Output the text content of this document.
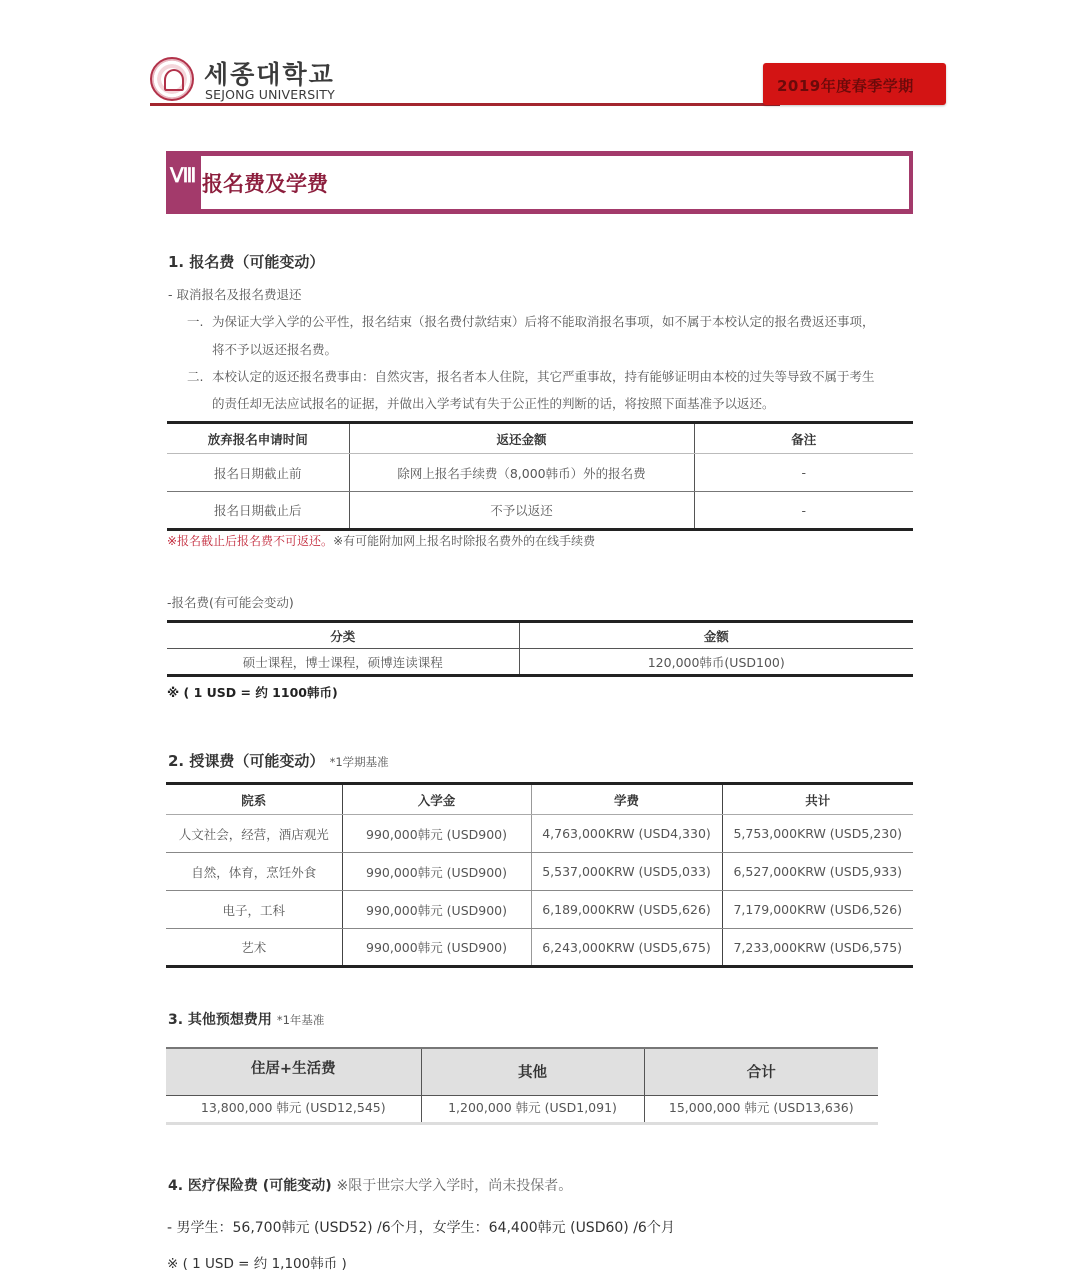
세종대학교
SEJONG UNIVERSITY	2019年度春季学期
Ⅷ 报名费及学费
1. 报名费（可能变动）
- 取消报名及报名费退还
一. 为保证大学入学的公平性，报名结束（报名费付款结束）后将不能取消报名事项，如不属于本校认定的报名费返还事项，
将不予以返还报名费。
二. 本校认定的返还报名费事由：自然灾害，报名者本人住院，其它严重事故，持有能够证明由本校的过失等导致不属于考生
的责任却无法应试报名的证据，并做出入学考试有失于公正性的判断的话，将按照下面基准予以返还。
放弃报名申请时间	返还金额	备注
报名日期截止前	除网上报名手续费（8,000韩币）外的报名费	-
报名日期截止后	不予以返还	-
※报名截止后报名费不可返还。※有可能附加网上报名时除报名费外的在线手续费
-报名费(有可能会变动)
分类	金额
硕士课程，博士课程，硕博连读课程	120,000韩币(USD100)
※ ( 1 USD = 约 1100韩币)
2. 授课费（可能变动） *1学期基准
院系	入学金	学费	共计
人文社会，经营，酒店观光	990,000韩元 (USD900)	4,763,000KRW (USD4,330)	5,753,000KRW (USD5,230)
自然，体育，烹饪外食	990,000韩元 (USD900)	5,537,000KRW (USD5,033)	6,527,000KRW (USD5,933)
电子，工科	990,000韩元 (USD900)	6,189,000KRW (USD5,626)	7,179,000KRW (USD6,526)
艺术	990,000韩元 (USD900)	6,243,000KRW (USD5,675)	7,233,000KRW (USD6,575)
3. 其他预想费用 *1年基准
住居+生活费	其他	合计
13,800,000 韩元 (USD12,545)	1,200,000 韩元 (USD1,091)	15,000,000 韩元 (USD13,636)
4. 医疗保险费 (可能变动) ※限于世宗大学入学时，尚未投保者。
- 男学生：56,700韩元 (USD52) /6个月，女学生：64,400韩元 (USD60) /6个月
※ ( 1 USD = 约 1,100韩币 )
